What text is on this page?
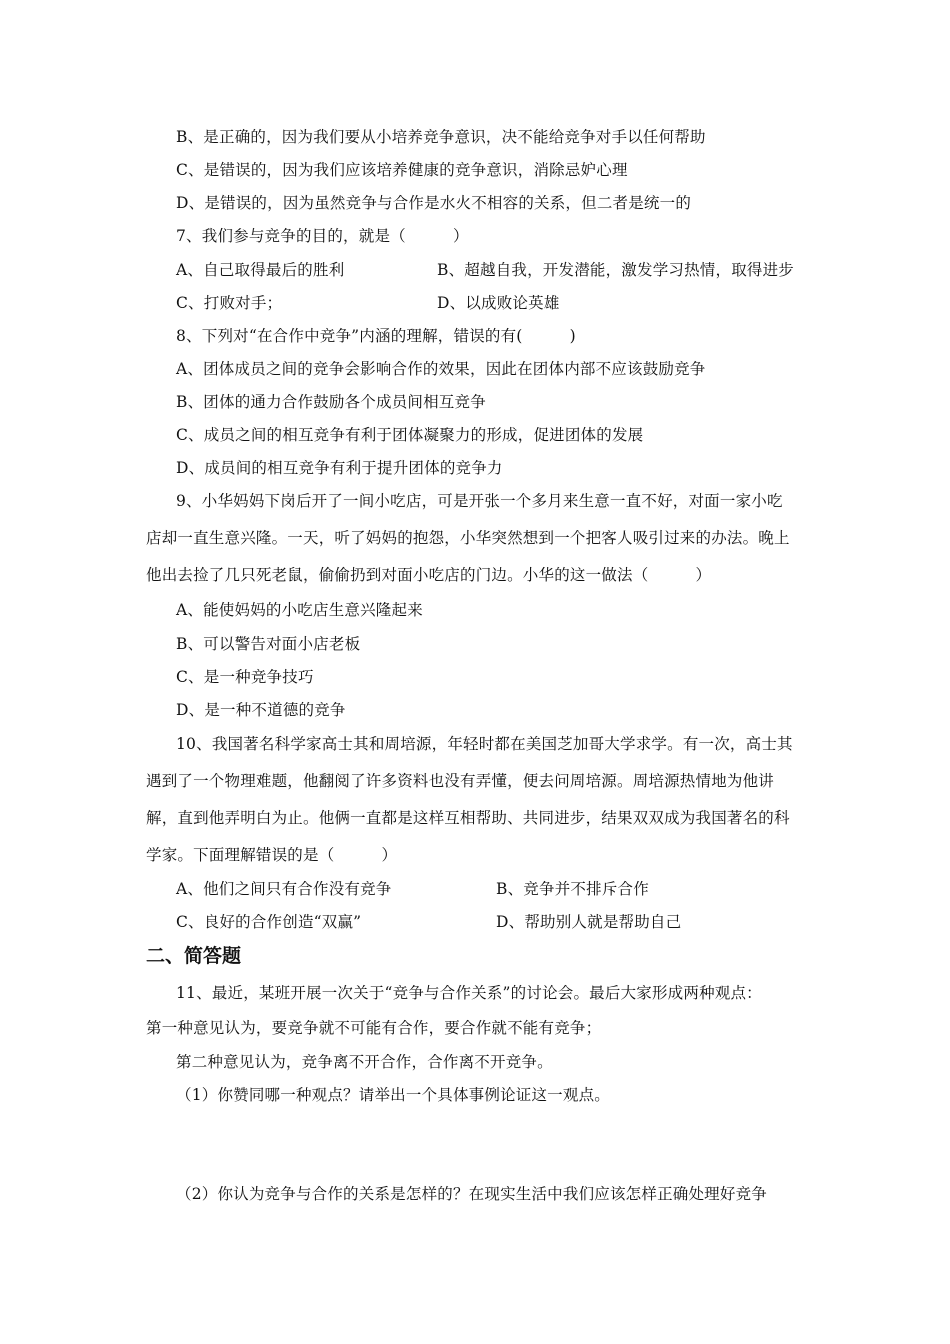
B、是正确的，因为我们要从小培养竞争意识，决不能给竞争对手以任何帮助
C、是错误的，因为我们应该培养健康的竞争意识，消除忌妒心理
D、是错误的，因为虽然竞争与合作是水火不相容的关系，但二者是统一的
7、我们参与竞争的目的，就是（　　　）
A、自己取得最后的胜利	B、超越自我，开发潜能，激发学习热情，取得进步
C、打败对手；	D、以成败论英雄
8、下列对“在合作中竞争”内涵的理解，错误的有(　　　)
A、团体成员之间的竞争会影响合作的效果，因此在团体内部不应该鼓励竞争
B、团体的通力合作鼓励各个成员间相互竞争
C、成员之间的相互竞争有利于团体凝聚力的形成，促进团体的发展
D、成员间的相互竞争有利于提升团体的竞争力
9、小华妈妈下岗后开了一间小吃店，可是开张一个多月来生意一直不好，对面一家小吃
店却一直生意兴隆。一天，听了妈妈的抱怨，小华突然想到一个把客人吸引过来的办法。晚上
他出去捡了几只死老鼠，偷偷扔到对面小吃店的门边。小华的这一做法（　　　）
A、能使妈妈的小吃店生意兴隆起来
B、可以警告对面小店老板
C、是一种竞争技巧
D、是一种不道德的竞争
10、我国著名科学家高士其和周培源，年轻时都在美国芝加哥大学求学。有一次，高士其
遇到了一个物理难题，他翻阅了许多资料也没有弄懂，便去问周培源。周培源热情地为他讲
解，直到他弄明白为止。他俩一直都是这样互相帮助、共同进步，结果双双成为我国著名的科
学家。下面理解错误的是（　　　）
A、他们之间只有合作没有竞争	B、竞争并不排斥合作
C、良好的合作创造“双赢”	D、帮助别人就是帮助自己
二、简答题
11、最近，某班开展一次关于“竞争与合作关系”的讨论会。最后大家形成两种观点：
第一种意见认为，要竞争就不可能有合作，要合作就不能有竞争；
第二种意见认为，竞争离不开合作，合作离不开竞争。
（1）你赞同哪一种观点？请举出一个具体事例论证这一观点。
（2）你认为竞争与合作的关系是怎样的？在现实生活中我们应该怎样正确处理好竞争
